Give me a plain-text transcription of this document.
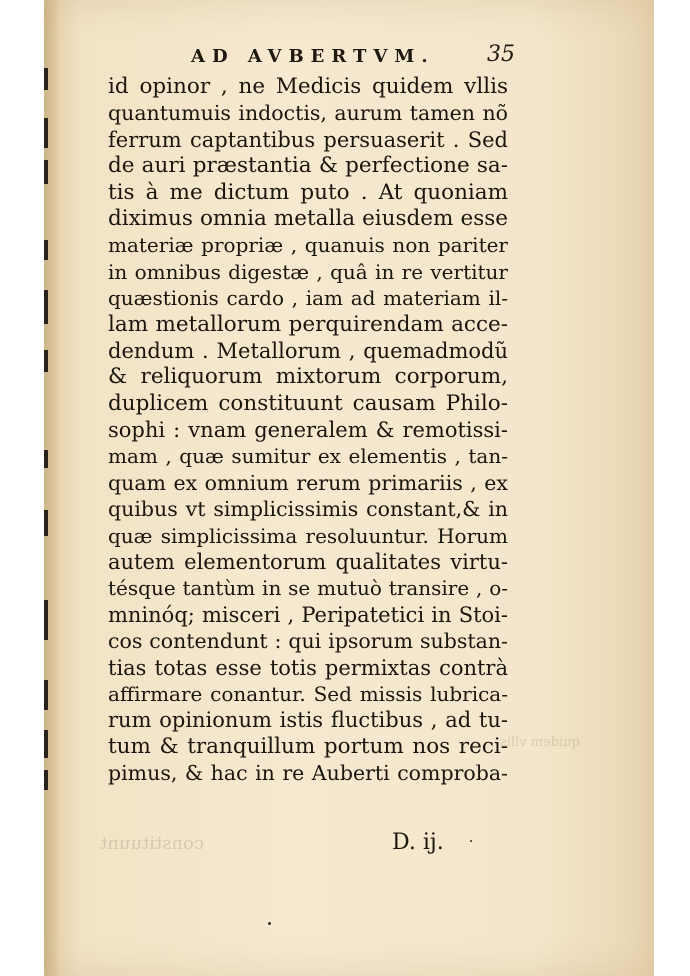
AD AVBERTVM. 35
id opinor , ne Medicis quidem vllis
quantumuis indoctis, aurum tamen nõ
ferrum captantibus persuaserit . Sed
de auri præstantia & perfectione sa-
tis à me dictum puto . At quoniam
diximus omnia metalla eiusdem esse
materiæ propriæ , quanuis non pariter
in omnibus digestæ , quâ in re vertitur
quæstionis cardo , iam ad materiam il-
lam metallorum perquirendam acce-
dendum . Metallorum , quemadmodũ
& reliquorum mixtorum corporum,
duplicem constituunt causam Philo-
sophi : vnam generalem & remotissi-
mam , quæ sumitur ex elementis , tan-
quam ex omnium rerum primariis , ex
quibus vt simplicissimis constant,& in
quæ simplicissima resoluuntur. Horum
autem elementorum qualitates virtu-
tésque tantùm in se mutuò transire , o-
mninóq; misceri , Peripatetici in Stoi-
cos contendunt : qui ipsorum substan-
tias totas esse totis permixtas contrà
affirmare conantur. Sed missis lubrica-
rum opinionum istis fluctibus , ad tu-
tum & tranquillum portum nos reci-
pimus, & hac in re Auberti comproba-
D. ij.
constituunt
quidem vllis
